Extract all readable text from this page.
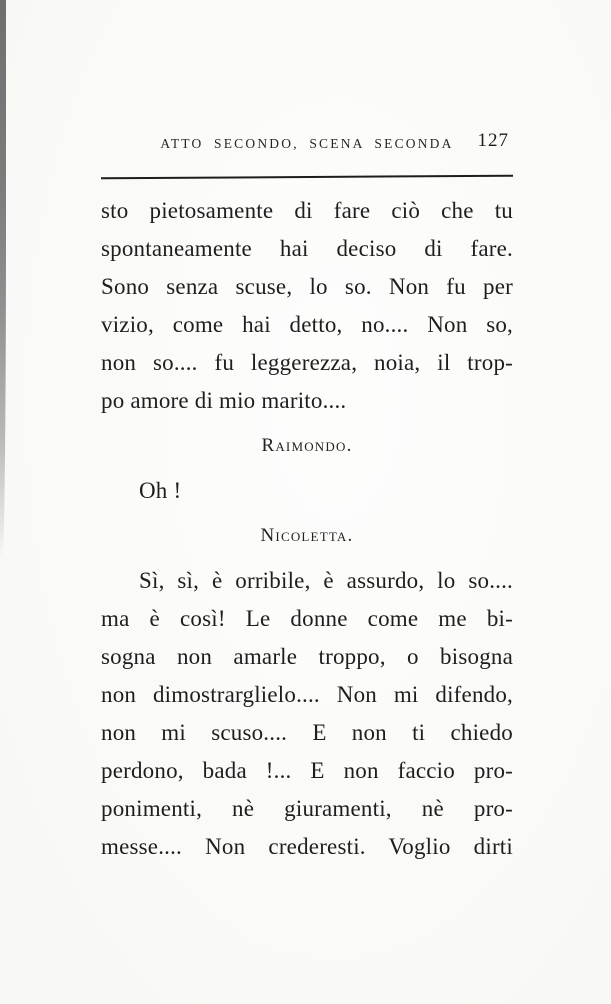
ATTO SECONDO, SCENA SECONDA	127
sto pietosamente di fare ciò che tu
spontaneamente hai deciso di fare.
Sono senza scuse, lo so. Non fu per
vizio, come hai detto, no.... Non so,
non so.... fu leggerezza, noia, il trop-
po amore di mio marito....
Raimondo.
Oh !
Nicoletta.
Sì, sì, è orribile, è assurdo, lo so....
ma è così! Le donne come me bi-
sogna non amarle troppo, o bisogna
non dimostrarglielo.... Non mi difendo,
non mi scuso.... E non ti chiedo
perdono, bada !... E non faccio pro-
ponimenti, nè giuramenti, nè pro-
messe.... Non crederesti. Voglio dirti
